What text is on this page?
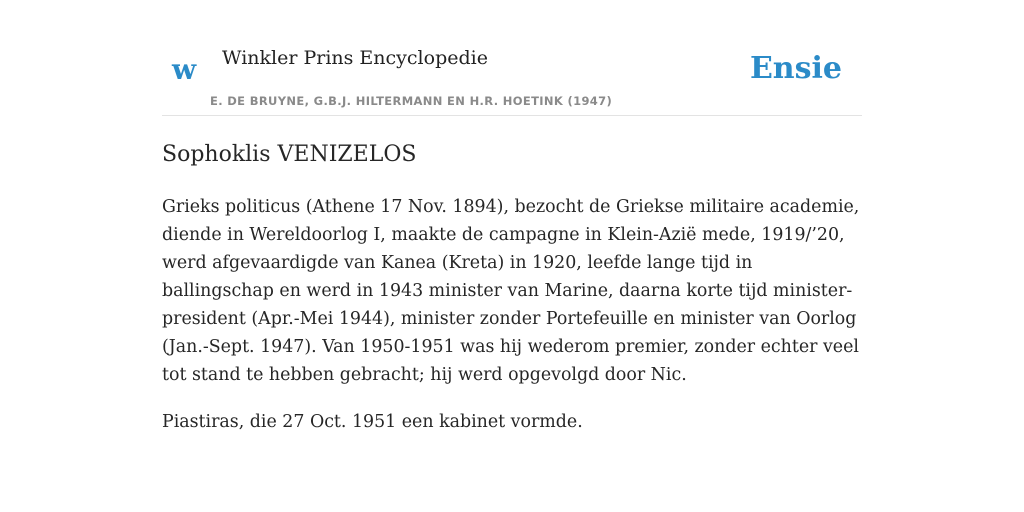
w Winkler Prins Encyclopedie
E. DE BRUYNE, G.B.J. HILTERMANN EN H.R. HOETINK (1947)
Ensie
Sophoklis VENIZELOS

Grieks politicus (Athene 17 Nov. 1894), bezocht de Griekse militaire academie, diende in Wereldoorlog I, maakte de campagne in Klein-Azië mede, 1919/’20, werd afgevaardigde van Kanea (Kreta) in 1920, leefde lange tijd in ballingschap en werd in 1943 minister van Marine, daarna korte tijd minister-president (Apr.-Mei 1944), minister zonder Portefeuille en minister van Oorlog (Jan.-Sept. 1947). Van 1950-1951 was hij wederom premier, zonder echter veel tot stand te hebben gebracht; hij werd opgevolgd door Nic.

Piastiras, die 27 Oct. 1951 een kabinet vormde.
